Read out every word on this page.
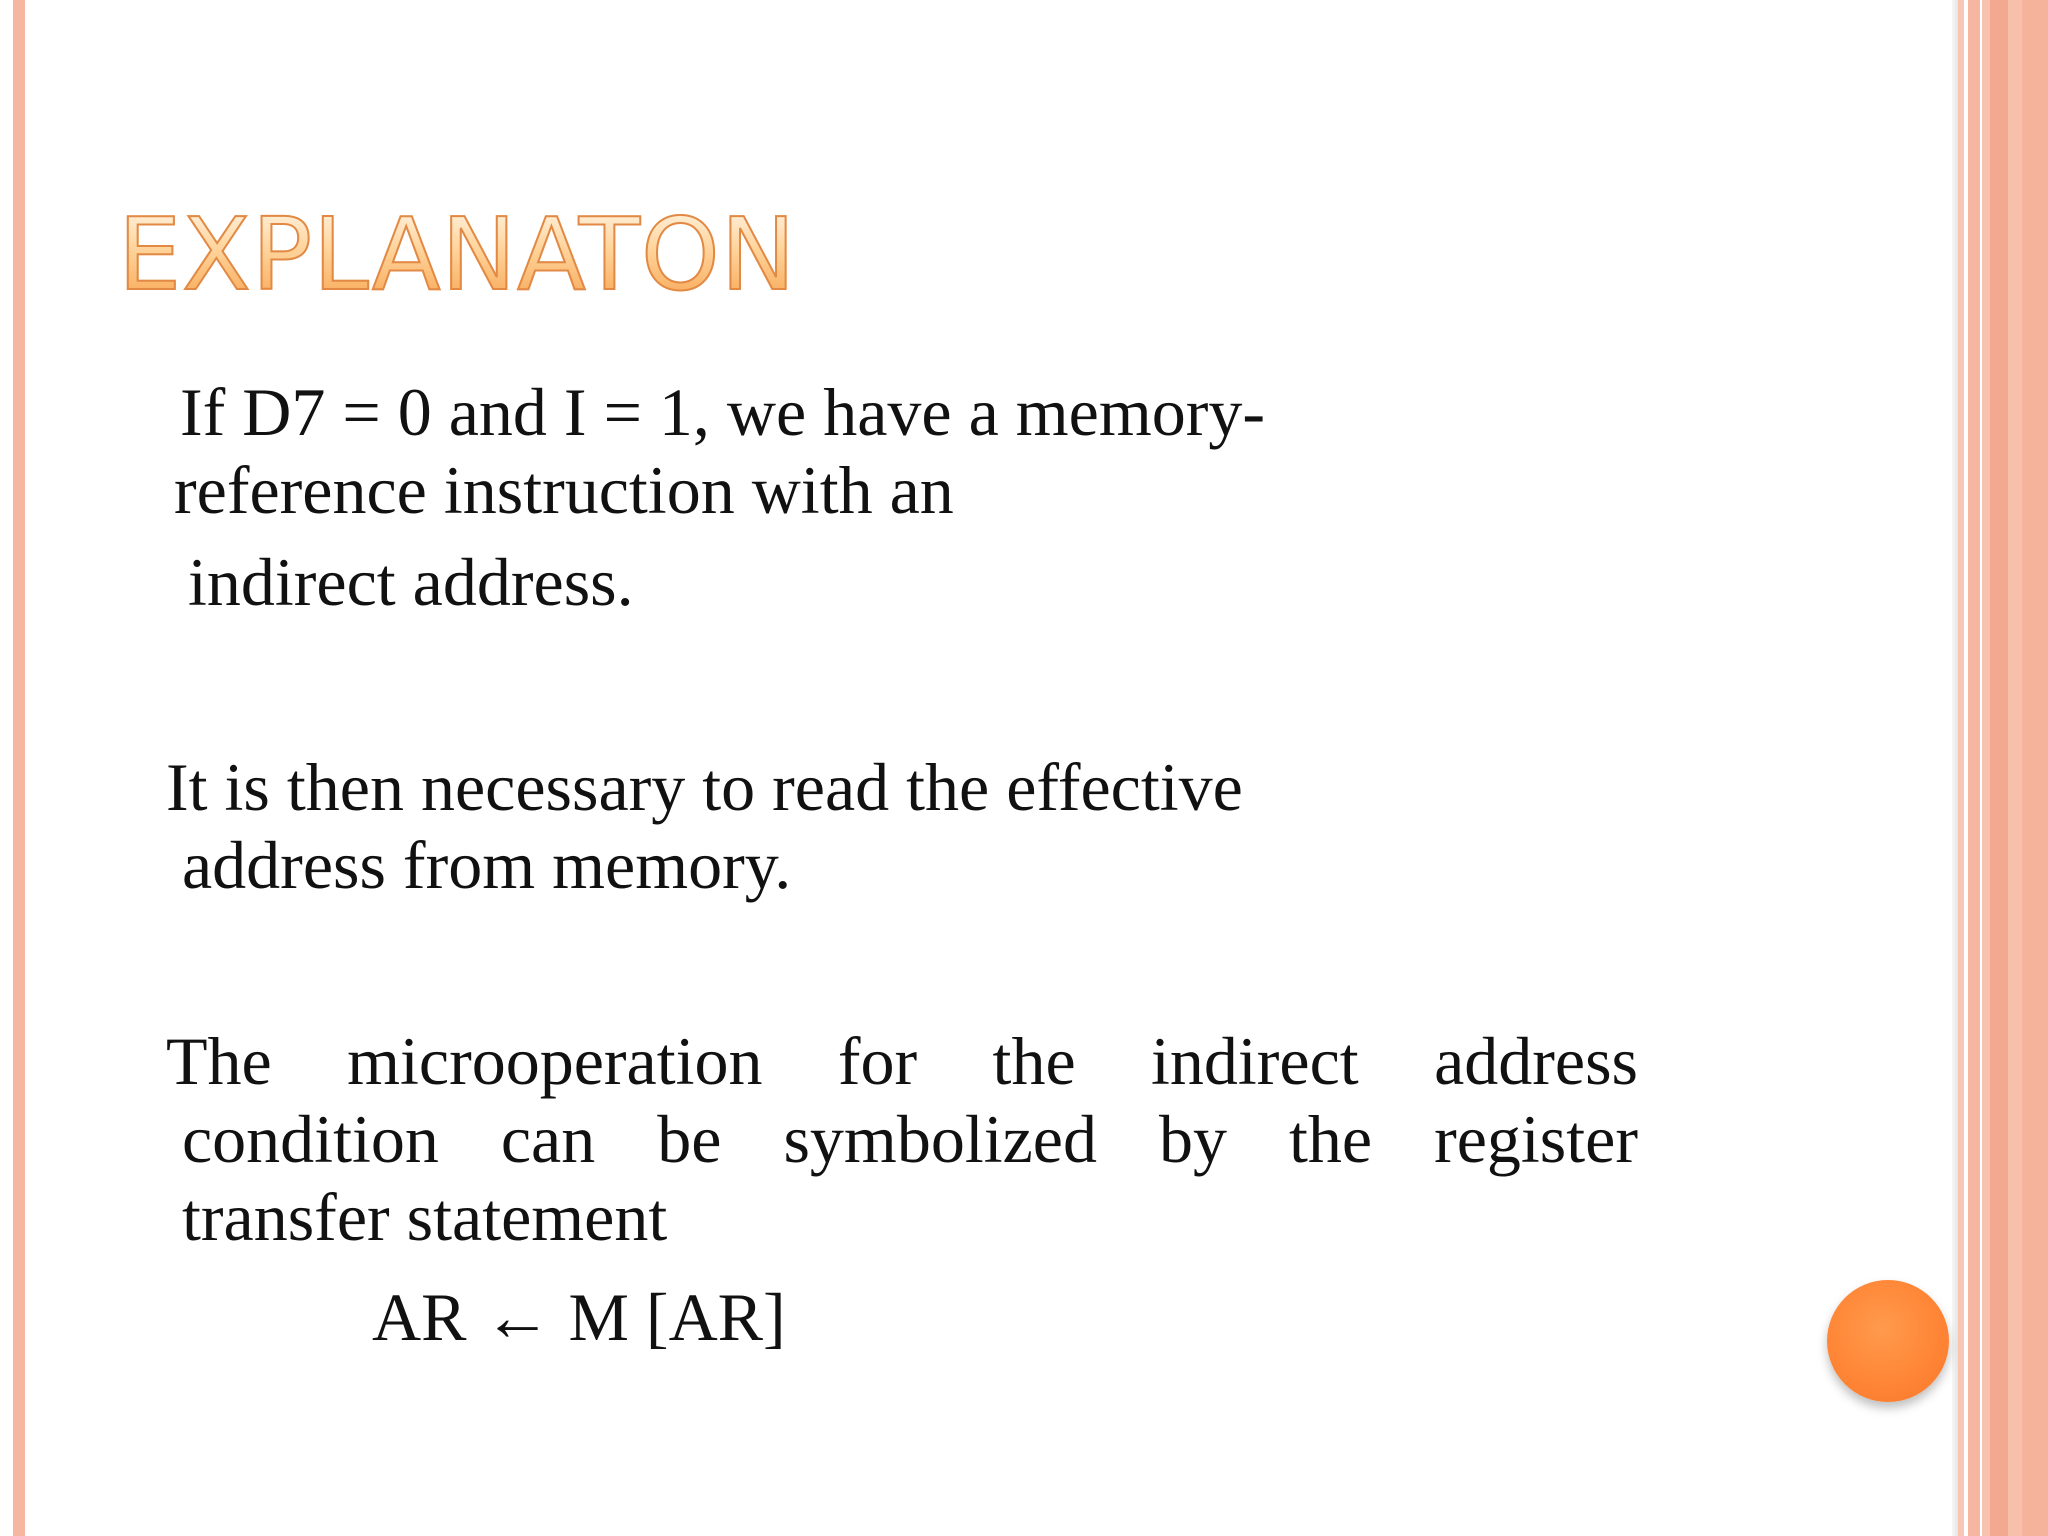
EXPLANATON
If D7 = 0 and I = 1, we have a memory-
reference instruction with an
indirect address.
It is then necessary to read the effective
address from memory.
The microoperation for the indirect address
condition can be symbolized by the register
transfer statement
AR ← M [AR]
